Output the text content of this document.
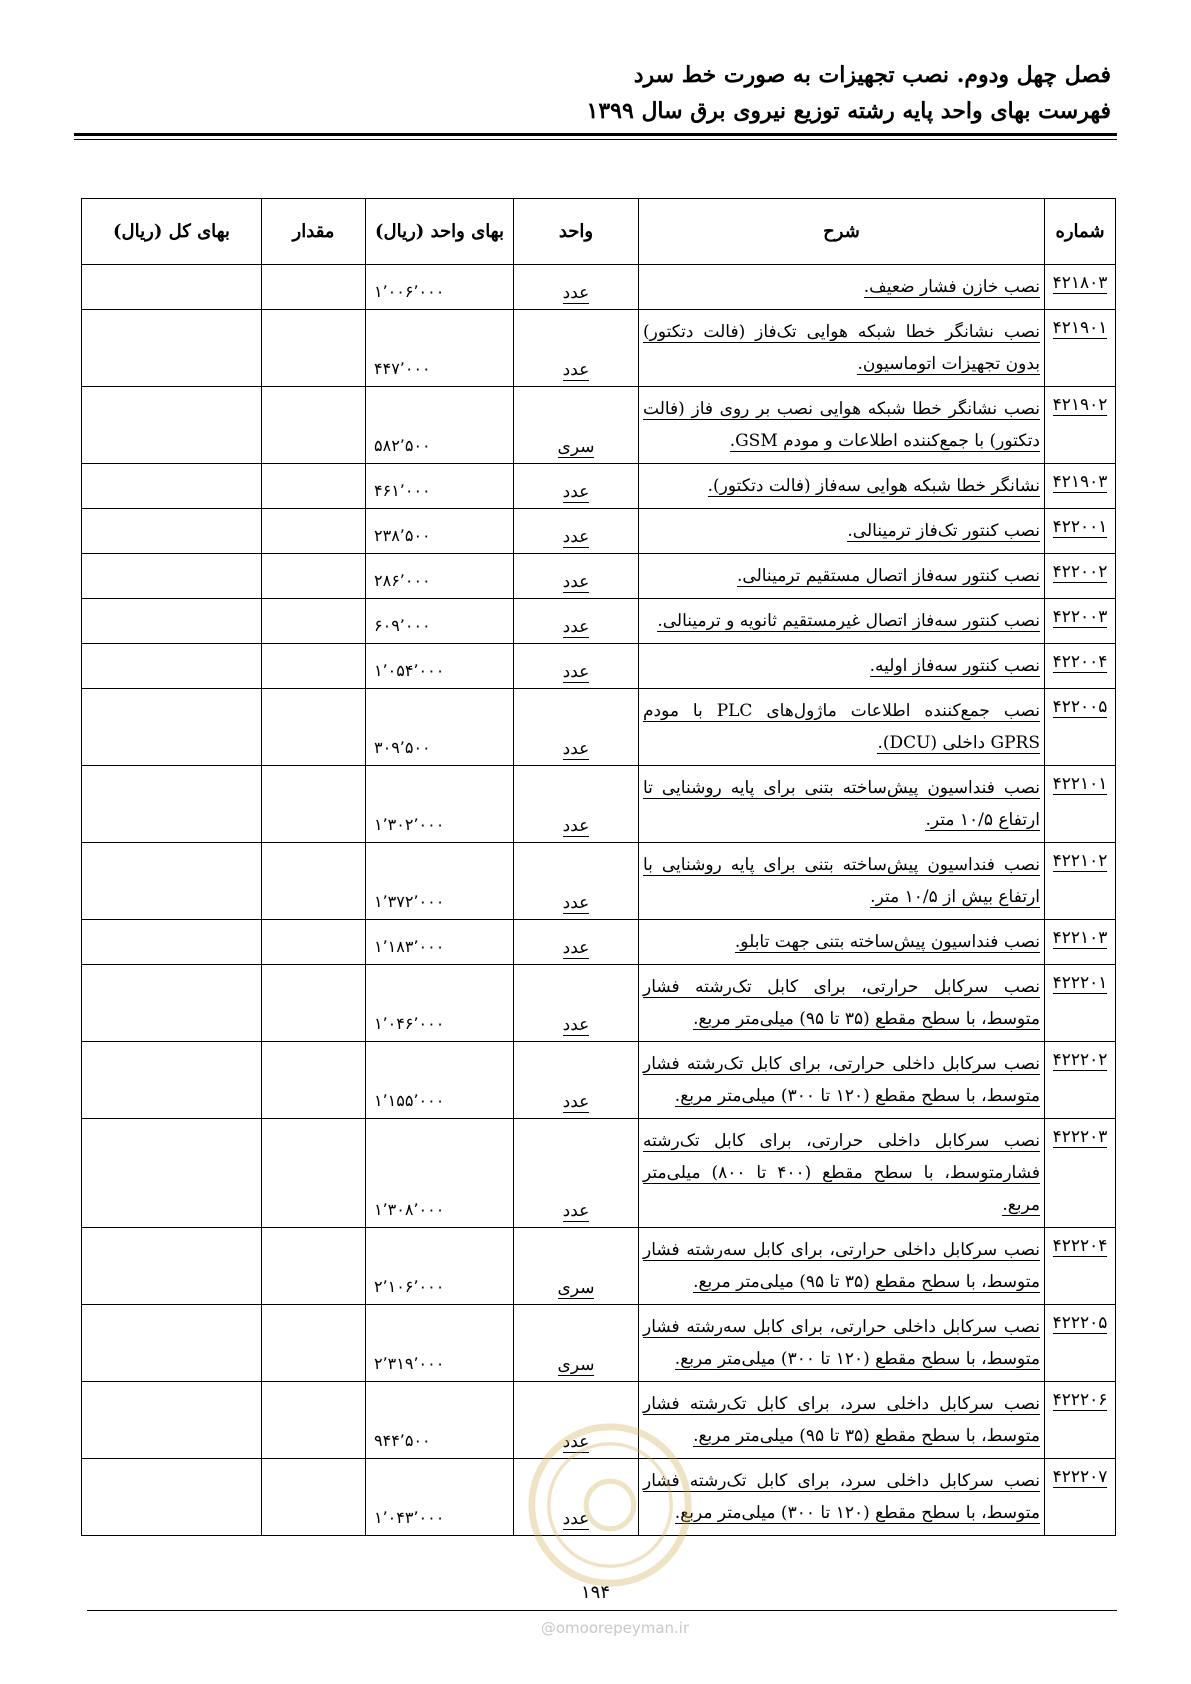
فصل چهل ودوم. نصب تجهیزات به صورت خط سرد
فهرست بهای واحد پایه رشته توزیع نیروی برق سال ۱۳۹۹
شماره	شرح	واحد	بهای واحد (ریال)	مقدار	بهای کل (ریال)
۴۲۱۸۰۳	نصب خازن فشار ضعیف.	عدد	۱٬۰۰۶٬۰۰۰		
۴۲۱۹۰۱	نصب نشانگر خطا شبکه هوایی تک‌فاز (فالت دتکتور) بدون تجهیزات اتوماسیون.	عدد	۴۴۷٬۰۰۰		
۴۲۱۹۰۲	نصب نشانگر خطا شبکه هوایی نصب بر روی فاز (فالت دتکتور) با جمع‌کننده اطلاعات و مودم GSM.	سری	۵۸۲٬۵۰۰		
۴۲۱۹۰۳	نشانگر خطا شبکه هوایی سه‌فاز (فالت دتکتور).	عدد	۴۶۱٬۰۰۰		
۴۲۲۰۰۱	نصب کنتور تک‌فاز ترمینالی.	عدد	۲۳۸٬۵۰۰		
۴۲۲۰۰۲	نصب کنتور سه‌فاز اتصال مستقیم ترمینالی.	عدد	۲۸۶٬۰۰۰		
۴۲۲۰۰۳	نصب کنتور سه‌فاز اتصال غیرمستقیم ثانویه و ترمینالی.	عدد	۶۰۹٬۰۰۰		
۴۲۲۰۰۴	نصب کنتور سه‌فاز اولیه.	عدد	۱٬۰۵۴٬۰۰۰		
۴۲۲۰۰۵	نصب جمع‌کننده اطلاعات ماژول‌های PLC با مودم GPRS داخلی (DCU).	عدد	۳۰۹٬۵۰۰		
۴۲۲۱۰۱	نصب فنداسیون پیش‌ساخته بتنی برای پایه روشنایی تا ارتفاع ۱۰/۵ متر.	عدد	۱٬۳۰۲٬۰۰۰		
۴۲۲۱۰۲	نصب فنداسیون پیش‌ساخته بتنی برای پایه روشنایی با ارتفاع بیش از ۱۰/۵ متر.	عدد	۱٬۳۷۲٬۰۰۰		
۴۲۲۱۰۳	نصب فنداسیون پیش‌ساخته بتنی جهت تابلو.	عدد	۱٬۱۸۳٬۰۰۰		
۴۲۲۲۰۱	نصب سرکابل حرارتی، برای کابل تک‌رشته فشار متوسط، با سطح مقطع (۳۵ تا ۹۵) میلی‌متر مربع.	عدد	۱٬۰۴۶٬۰۰۰		
۴۲۲۲۰۲	نصب سرکابل داخلی حرارتی، برای کابل تک‌رشته فشار متوسط، با سطح مقطع (۱۲۰ تا ۳۰۰) میلی‌متر مربع.	عدد	۱٬۱۵۵٬۰۰۰		
۴۲۲۲۰۳	نصب سرکابل داخلی حرارتی، برای کابل تک‌رشته فشارمتوسط، با سطح مقطع (۴۰۰ تا ۸۰۰) میلی‌متر مربع.	عدد	۱٬۳۰۸٬۰۰۰		
۴۲۲۲۰۴	نصب سرکابل داخلی حرارتی، برای کابل سه‌رشته فشار متوسط، با سطح مقطع (۳۵ تا ۹۵) میلی‌متر مربع.	سری	۲٬۱۰۶٬۰۰۰		
۴۲۲۲۰۵	نصب سرکابل داخلی حرارتی، برای کابل سه‌رشته فشار متوسط، با سطح مقطع (۱۲۰ تا ۳۰۰) میلی‌متر مربع.	سری	۲٬۳۱۹٬۰۰۰		
۴۲۲۲۰۶	نصب سرکابل داخلی سرد، برای کابل تک‌رشته فشار متوسط، با سطح مقطع (۳۵ تا ۹۵) میلی‌متر مربع.	عدد	۹۴۴٬۵۰۰		
۴۲۲۲۰۷	نصب سرکابل داخلی سرد، برای کابل تک‌رشته فشار متوسط، با سطح مقطع (۱۲۰ تا ۳۰۰) میلی‌متر مربع.	عدد	۱٬۰۴۳٬۰۰۰		
۱۹۴
@omoorepeyman.ir
